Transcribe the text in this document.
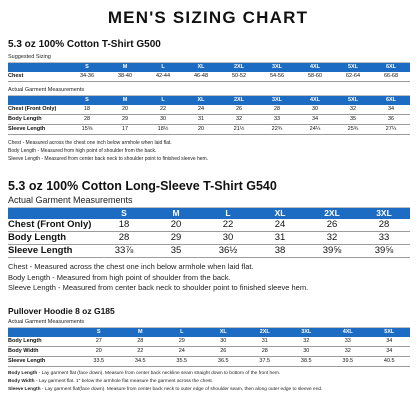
MEN'S SIZING CHART
5.3 oz 100% Cotton T-Shirt G500
Suggested Sizing
	S	M	L	XL	2XL	3XL	4XL	5XL	6XL
Chest	34-36	38-40	42-44	46-48	50-52	54-56	58-60	62-64	66-68
Actual Garment Measurements
	S	M	L	XL	2XL	3XL	4XL	5XL	6XL
Chest (Front Only)	18	20	22	24	26	28	30	32	34
Body Length	28	29	30	31	32	33	34	35	36
Sleeve Length	15⅝	17	18½	20	21½	22¾	24¼	25¾	27¼
Chest - Measured across the chest one inch below armhole when laid flat.
Body Length - Measured from high point of shoulder from the back.
Sleeve Length - Measured from center back neck to shoulder point to finished sleeve hem.
5.3 oz 100% Cotton Long-Sleeve T-Shirt G540
Actual Garment Measurements
	S	M	L	XL	2XL	3XL
Chest (Front Only)	18	20	22	24	26	28
Body Length	28	29	30	31	32	33
Sleeve Length	33⅞	35	36½	38	39⅝	39⅝
Chest - Measured across the chest one inch below armhole when laid flat.
Body Length - Measured from high point of shoulder from the back.
Sleeve Length - Measured from center back neck to shoulder point to finished sleeve hem.
Pullover Hoodie 8 oz G185
Actual Garment Measurements
	S	M	L	XL	2XL	3XL	4XL	5XL
Body Length	27	28	29	30	31	32	33	34
Body Width	20	22	24	26	28	30	32	34
Sleeve Length	33.5	34.5	35.5	36.5	37.5	38.5	39.5	40.5
Body Length - Lay garment flat (face down). Measure from center back neckline seam straight down to bottom of the front hem.
Body Width - Lay garment flat. 1" below the armhole flat measure the garment across the chest.
Sleeve Length - Lay garment flat(face down). Measure from center back neck to outer edge of shoulder seam, then along outer edge to sleeve end.
